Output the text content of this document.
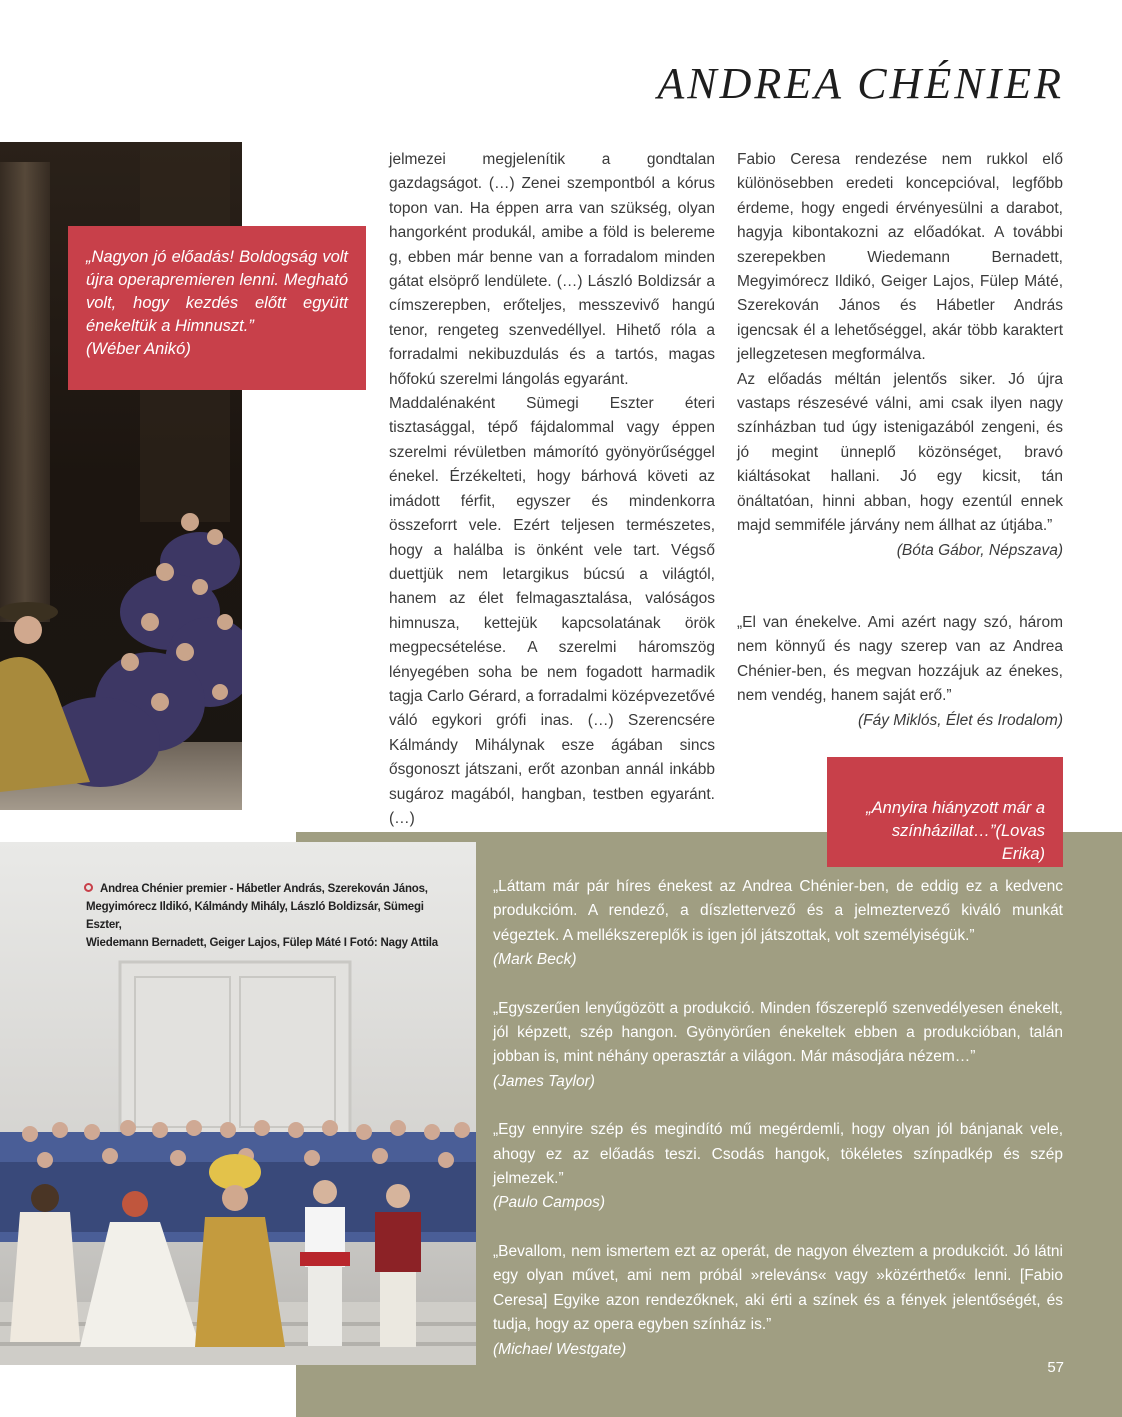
ANDREA CHÉNIER
„Nagyon jó előadás! Boldogság volt újra operapremieren lenni. Megható volt, hogy kezdés előtt együtt énekeltük a Himnuszt.”
(Wéber Anikó)

jelmezei megjelenítik a gondtalan gazdagságot. (…) Zenei szempontból a kórus topon van. Ha éppen arra van szükség, olyan hangorként produkál, amibe a föld is belereme g, ebben már benne van a forradalom minden gátat elsöprő lendülete. (…) László Boldizsár a címszerepben, erőteljes, messzevivő hangú tenor, rengeteg szenvedéllyel. Hihető róla a forradalmi nekibuzdulás és a tartós, magas hőfokú szerelmi lángolás egyaránt.

Maddalénaként Sümegi Eszter éteri tisztasággal, tépő fájdalommal vagy éppen szerelmi révületben mámorító gyönyörűséggel énekel. Érzékelteti, hogy bárhová követi az imádott férfit, egyszer és mindenkorra összeforrt vele. Ezért teljesen természetes, hogy a halálba is önként vele tart. Végső duettjük nem letargikus búcsú a világtól, hanem az élet felmagasztalása, valóságos himnusza, kettejük kapcsolatának örök megpecsételése. A szerelmi háromszög lényegében soha be nem fogadott harmadik tagja Carlo Gérard, a forradalmi középvezetővé váló egykori grófi inas. (…) Szerencsére Kálmándy Mihálynak esze ágában sincs ősgonoszt játszani, erőt azonban annál inkább sugároz magából, hangban, testben egyaránt. (…)

Fabio Ceresa rendezése nem rukkol elő különösebben eredeti koncepcióval, legfőbb érdeme, hogy engedi érvényesülni a darabot, hagyja kibontakozni az előadókat. A további szerepekben Wiedemann Bernadett, Megyimórecz Ildikó, Geiger Lajos, Fülep Máté, Szerekován János és Hábetler András igencsak él a lehetőséggel, akár több karaktert jellegzetesen megformálva.

Az előadás méltán jelentős siker. Jó újra vastaps részesévé válni, ami csak ilyen nagy színházban tud úgy istenigazából zengeni, és jó megint ünneplő közönséget, bravó kiáltásokat hallani. Jó egy kicsit, tán önáltatóan, hinni abban, hogy ezentúl ennek majd semmiféle járvány nem állhat az útjába.”

(Bóta Gábor, Népszava)

„El van énekelve. Ami azért nagy szó, három nem könnyű és nagy szerep van az Andrea Chénier-ben, és megvan hozzájuk az énekes, nem vendég, hanem saját erő.”

(Fáy Miklós, Élet és Irodalom)

„Annyira hiányzott már a színházillat…”(Lovas Erika)
Andrea Chénier premier - Hábetler András, Szerekován János,
Megyimórecz Ildikó, Kálmándy Mihály, László Boldizsár, Sümegi Eszter,
Wiedemann Bernadett, Geiger Lajos, Fülep Máté I Fotó: Nagy Attila

„Láttam már pár híres énekest az Andrea Chénier-ben, de eddig ez a kedvenc produkcióm. A rendező, a díszlettervező és a jelmeztervező kiváló munkát végeztek. A mellékszereplők is igen jól játszottak, volt személyiségük.”
(Mark Beck)

„Egyszerűen lenyűgözött a produkció. Minden főszereplő szenvedélyesen énekelt, jól képzett, szép hangon. Gyönyörűen énekeltek ebben a produkcióban, talán jobban is, mint néhány operasztár a világon. Már másodjára nézem…”
(James Taylor)

„Egy ennyire szép és megindító mű megérdemli, hogy olyan jól bánjanak vele, ahogy ez az előadás teszi. Csodás hangok, tökéletes színpadkép és szép jelmezek.”
(Paulo Campos)

„Bevallom, nem ismertem ezt az operát, de nagyon élveztem a produkciót. Jó látni egy olyan művet, ami nem próbál »releváns« vagy »közérthető« lenni. [Fabio Ceresa] Egyike azon rendezőknek, aki érti a színek és a fények jelentőségét, és tudja, hogy az opera egyben színház is.”
(Michael Westgate)

57
